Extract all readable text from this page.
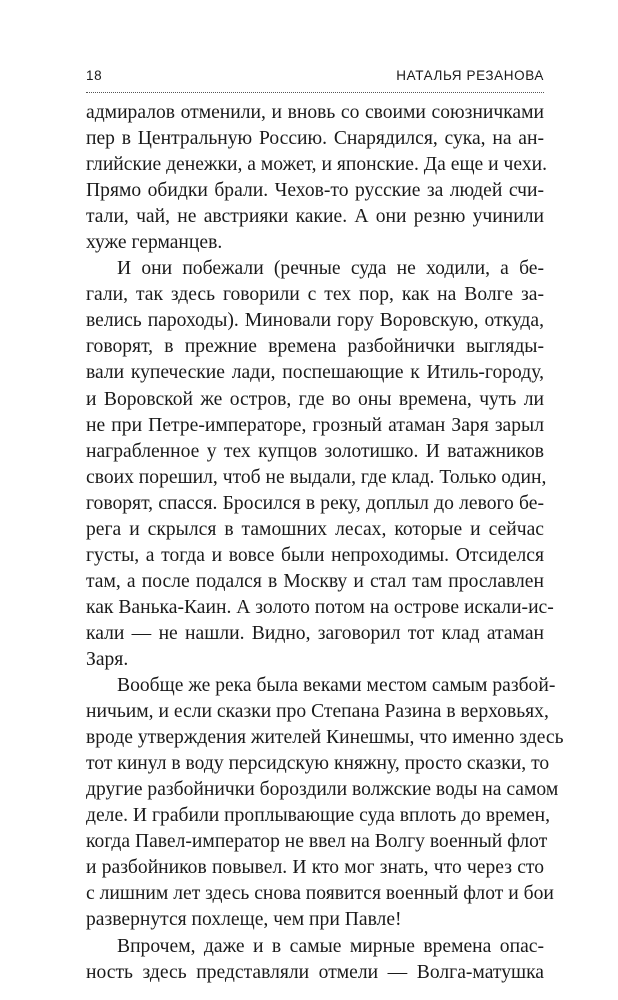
18	НАТАЛЬЯ РЕЗАНОВА
адмиралов отменили, и вновь со своими союзничками
пер в Центральную Россию. Снарядился, сука, на ан-
глийские денежки, а может, и японские. Да еще и чехи.
Прямо обидки брали. Чехов-то русские за людей счи-
тали, чай, не австрияки какие. А они резню учинили
хуже германцев.
И они побежали (речные суда не ходили, а бе-
гали, так здесь говорили с тех пор, как на Волге за-
велись пароходы). Миновали гору Воровскую, откуда,
говорят, в прежние времена разбойнички выгляды-
вали купеческие лади, поспешающие к Итиль-городу,
и Воровской же остров, где во оны времена, чуть ли
не при Петре-императоре, грозный атаман Заря зарыл
награбленное у тех купцов золотишко. И ватажников
своих порешил, чтоб не выдали, где клад. Только один,
говорят, спасся. Бросился в реку, доплыл до левого бе-
рега и скрылся в тамошних лесах, которые и сейчас
густы, а тогда и вовсе были непроходимы. Отсиделся
там, а после подался в Москву и стал там прославлен
как Ванька-Каин. А золото потом на острове искали-ис-
кали — не нашли. Видно, заговорил тот клад атаман
Заря.
Вообще же река была веками местом самым разбой-
ничьим, и если сказки про Степана Разина в верховьях,
вроде утверждения жителей Кинешмы, что именно здесь
тот кинул в воду персидскую княжну, просто сказки, то
другие разбойнички бороздили волжские воды на самом
деле. И грабили проплывающие суда вплоть до времен,
когда Павел-император не ввел на Волгу военный флот
и разбойников повывел. И кто мог знать, что через сто
с лишним лет здесь снова появится военный флот и бои
развернутся похлеще, чем при Павле!
Впрочем, даже и в самые мирные времена опас-
ность здесь представляли отмели — Волга-матушка
